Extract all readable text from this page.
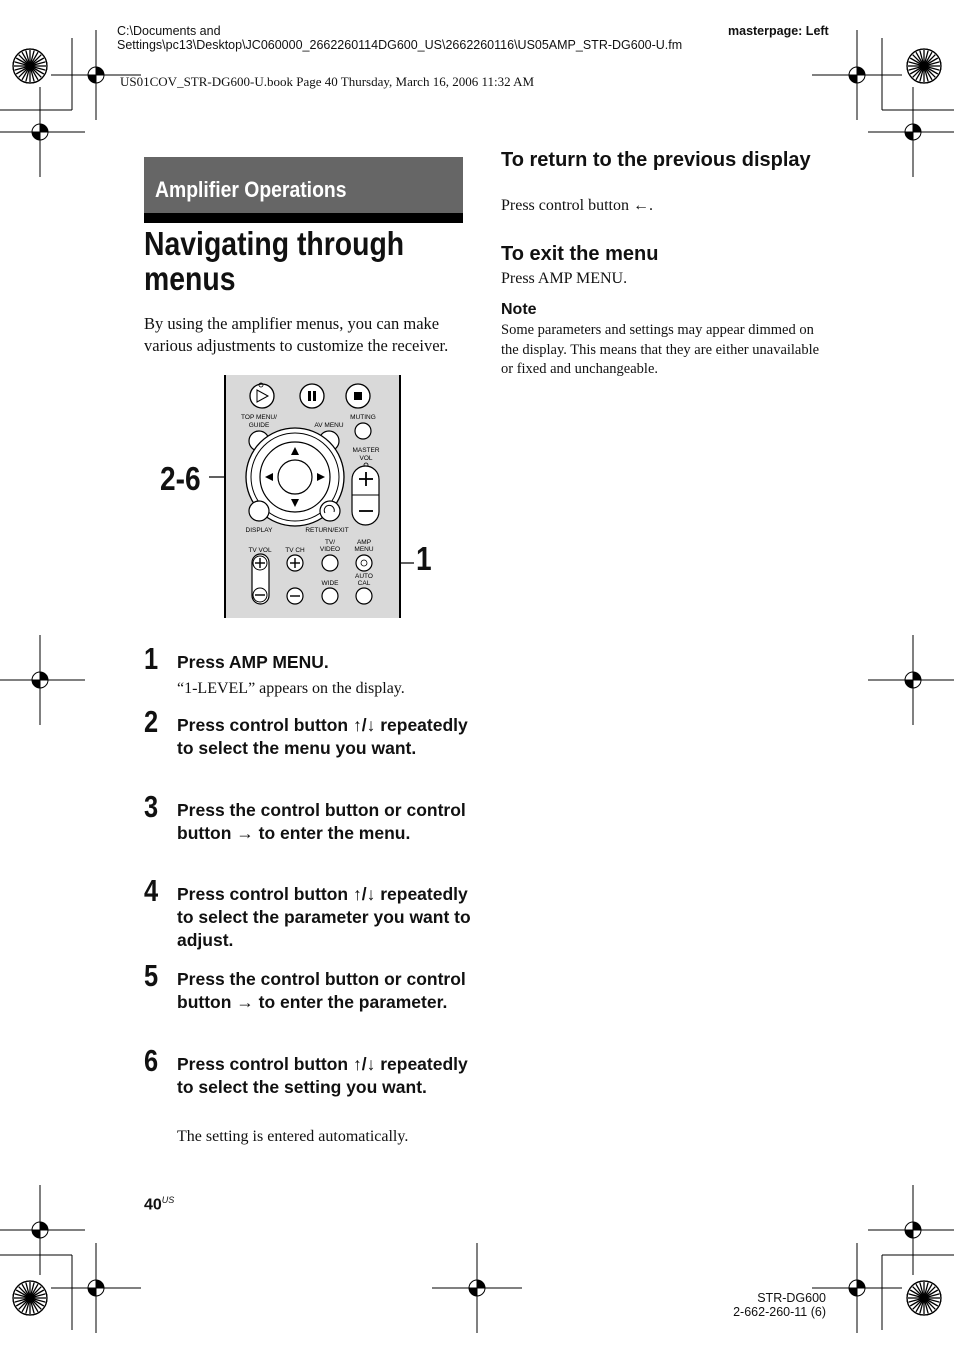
C:\Documents and Settings\pc13\Desktop\JC060000_2662260114DG600_US\2662260116\US05AMP_STR-DG600-U.fm
masterpage: Left
US01COV_STR-DG600-U.book Page 40 Thursday, March 16, 2006 11:32 AM
Amplifier Operations
Navigating through menus
By using the amplifier menus, you can make various adjustments to customize the receiver.
2-6
1
TOP MENU/
GUIDE	AV MENU
MUTING
MASTER
VOL
DISPLAY	RETURN/EXIT
TV VOL TV CH
TV/
VIDEO
AMP
MENU
WIDE
AUTO
CAL
1 Press AMP MENU.
“1-LEVEL” appears on the display.
2 Press control button ↑/↓ repeatedly to select the menu you want.
3 Press the control button or control button → to enter the menu.
4 Press control button ↑/↓ repeatedly to select the parameter you want to adjust.
5 Press the control button or control button → to enter the parameter.
6 Press control button ↑/↓ repeatedly to select the setting you want.
The setting is entered automatically.
To return to the previous display
Press control button ←.
To exit the menu
Press AMP MENU.
Note
Some parameters and settings may appear dimmed on the display. This means that they are either unavailable or fixed and unchangeable.
$40^{US}$
STR-DG600
2-662-260-11 (6)
